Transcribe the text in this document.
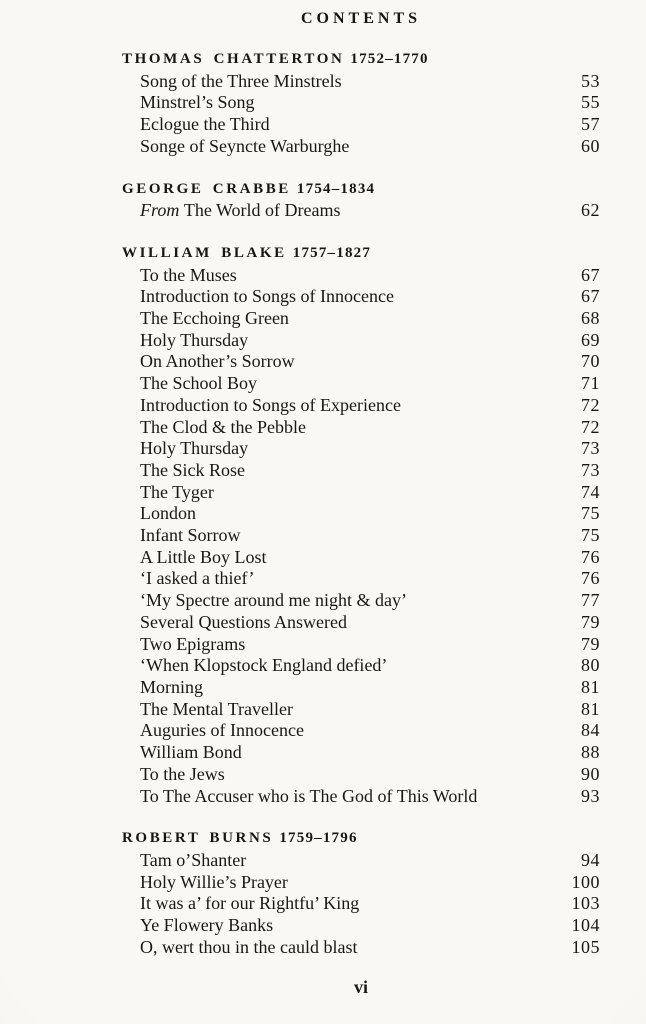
CONTENTS
THOMAS CHATTERTON 1752–1770
Song of the Three Minstrels	53
Minstrel’s Song	55
Eclogue the Third	57
Songe of Seyncte Warburghe	60
GEORGE CRABBE 1754–1834
From The World of Dreams	62
WILLIAM BLAKE 1757–1827
To the Muses	67
Introduction to Songs of Innocence	67
The Ecchoing Green	68
Holy Thursday	69
On Another’s Sorrow	70
The School Boy	71
Introduction to Songs of Experience	72
The Clod & the Pebble	72
Holy Thursday	73
The Sick Rose	73
The Tyger	74
London	75
Infant Sorrow	75
A Little Boy Lost	76
‘I asked a thief’	76
‘My Spectre around me night & day’	77
Several Questions Answered	79
Two Epigrams	79
‘When Klopstock England defied’	80
Morning	81
The Mental Traveller	81
Auguries of Innocence	84
William Bond	88
To the Jews	90
To The Accuser who is The God of This World	93
ROBERT BURNS 1759–1796
Tam o’Shanter	94
Holy Willie’s Prayer	100
It was a’ for our Rightfu’ King	103
Ye Flowery Banks	104
O, wert thou in the cauld blast	105
vi
